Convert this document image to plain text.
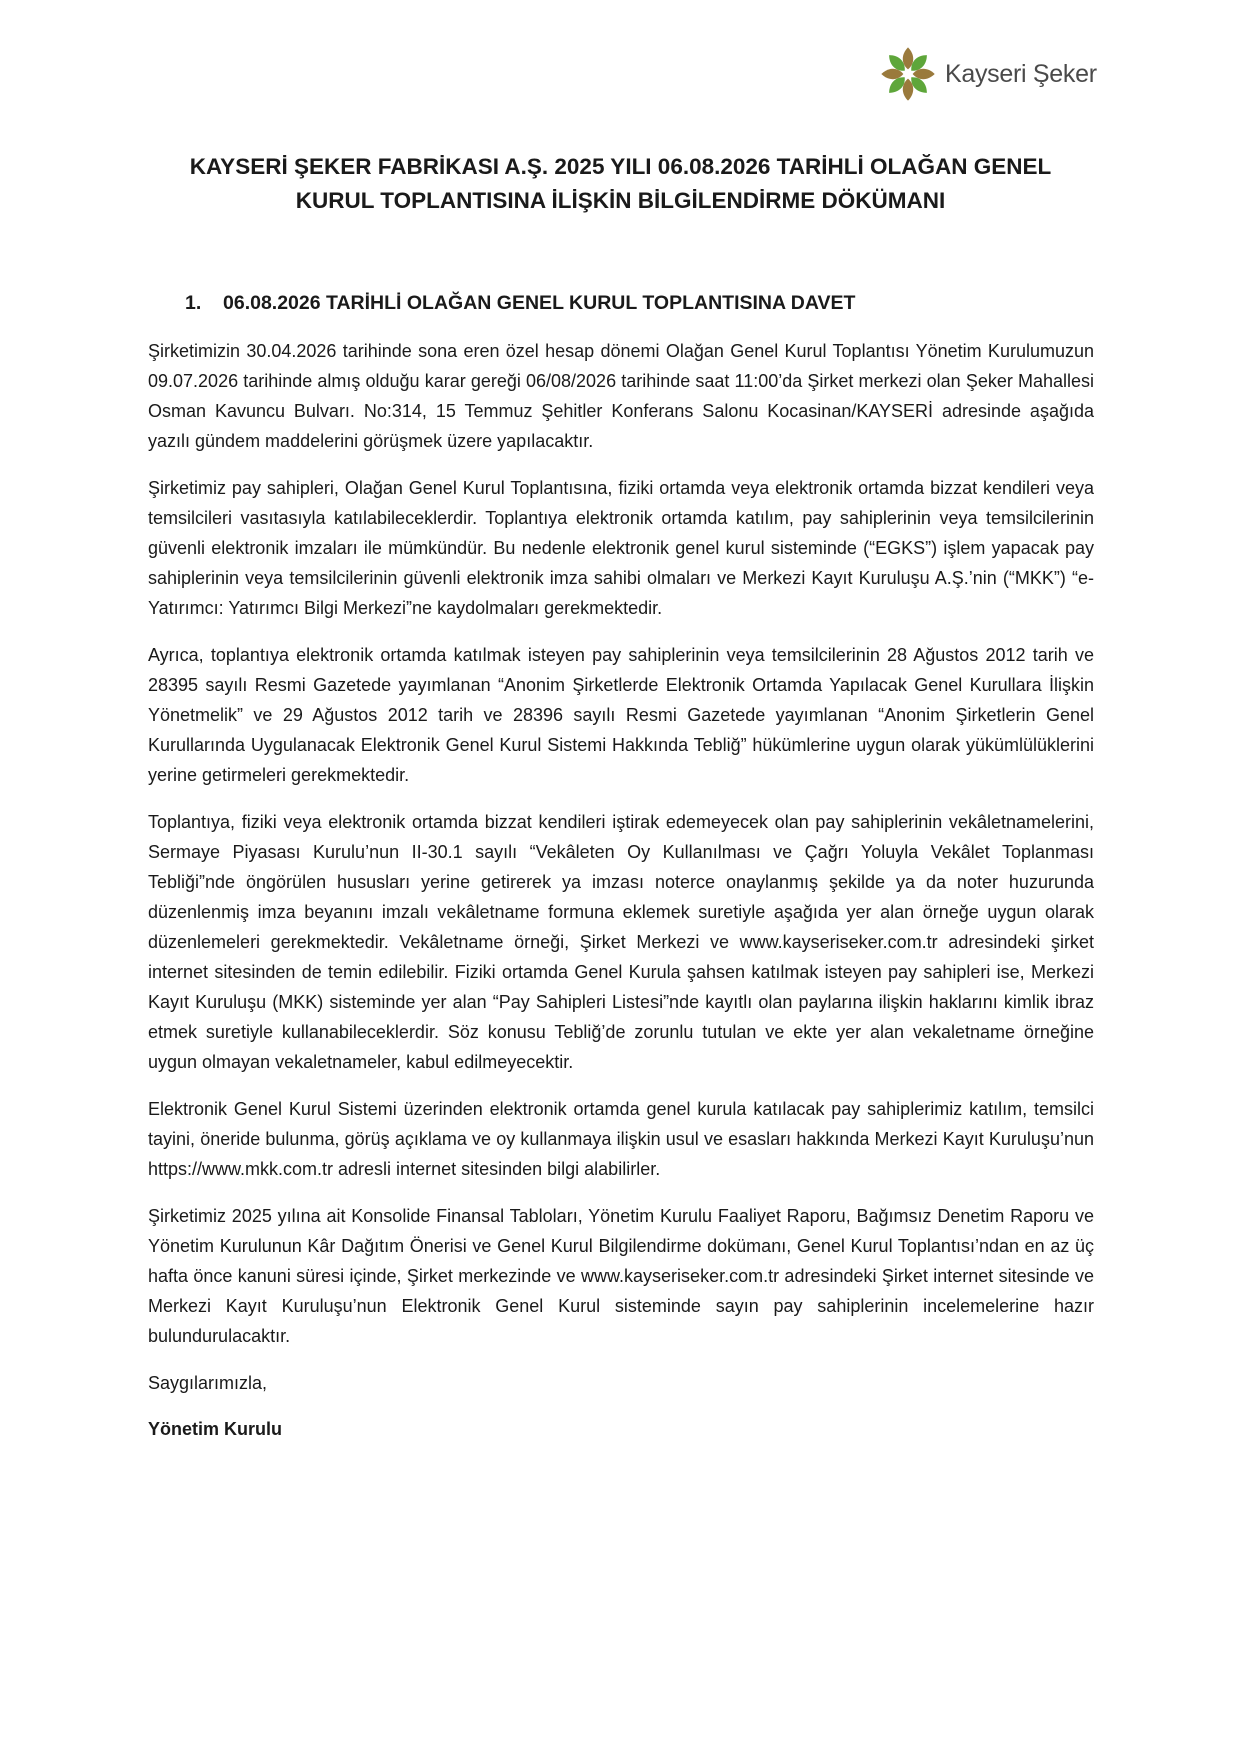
Kayseri Şeker
KAYSERİ ŞEKER FABRİKASI A.Ş. 2025 YILI 06.08.2026 TARİHLİ OLAĞAN GENEL
KURUL TOPLANTISINA İLİŞKİN BİLGİLENDİRME DÖKÜMANI
1. 06.08.2026 TARİHLİ OLAĞAN GENEL KURUL TOPLANTISINA DAVET

Şirketimizin 30.04.2026 tarihinde sona eren özel hesap dönemi Olağan Genel Kurul Toplantısı Yönetim Kurulumuzun 09.07.2026 tarihinde almış olduğu karar gereği 06/08/2026 tarihinde saat 11:00’da Şirket merkezi olan Şeker Mahallesi Osman Kavuncu Bulvarı. No:314, 15 Temmuz Şehitler Konferans Salonu Kocasinan/KAYSERİ adresinde aşağıda yazılı gündem maddelerini görüşmek üzere yapılacaktır.

Şirketimiz pay sahipleri, Olağan Genel Kurul Toplantısına, fiziki ortamda veya elektronik ortamda bizzat kendileri veya temsilcileri vasıtasıyla katılabileceklerdir. Toplantıya elektronik ortamda katılım, pay sahiplerinin veya temsilcilerinin güvenli elektronik imzaları ile mümkündür. Bu nedenle elektronik genel kurul sisteminde (“EGKS”) işlem yapacak pay sahiplerinin veya temsilcilerinin güvenli elektronik imza sahibi olmaları ve Merkezi Kayıt Kuruluşu A.Ş.’nin (“MKK”) “e-Yatırımcı: Yatırımcı Bilgi Merkezi”ne kaydolmaları gerekmektedir.

Ayrıca, toplantıya elektronik ortamda katılmak isteyen pay sahiplerinin veya temsilcilerinin 28 Ağustos 2012 tarih ve 28395 sayılı Resmi Gazetede yayımlanan “Anonim Şirketlerde Elektronik Ortamda Yapılacak Genel Kurullara İlişkin Yönetmelik” ve 29 Ağustos 2012 tarih ve 28396 sayılı Resmi Gazetede yayımlanan “Anonim Şirketlerin Genel Kurullarında Uygulanacak Elektronik Genel Kurul Sistemi Hakkında Tebliğ” hükümlerine uygun olarak yükümlülüklerini yerine getirmeleri gerekmektedir.

Toplantıya, fiziki veya elektronik ortamda bizzat kendileri iştirak edemeyecek olan pay sahiplerinin vekâletnamelerini, Sermaye Piyasası Kurulu’nun II-30.1 sayılı “Vekâleten Oy Kullanılması ve Çağrı Yoluyla Vekâlet Toplanması Tebliği”nde öngörülen hususları yerine getirerek ya imzası noterce onaylanmış şekilde ya da noter huzurunda düzenlenmiş imza beyanını imzalı vekâletname formuna eklemek suretiyle aşağıda yer alan örneğe uygun olarak düzenlemeleri gerekmektedir. Vekâletname örneği, Şirket Merkezi ve www.kayseriseker.com.tr adresindeki şirket internet sitesinden de temin edilebilir. Fiziki ortamda Genel Kurula şahsen katılmak isteyen pay sahipleri ise, Merkezi Kayıt Kuruluşu (MKK) sisteminde yer alan “Pay Sahipleri Listesi”nde kayıtlı olan paylarına ilişkin haklarını kimlik ibraz etmek suretiyle kullanabileceklerdir. Söz konusu Tebliğ’de zorunlu tutulan ve ekte yer alan vekaletname örneğine uygun olmayan vekaletnameler, kabul edilmeyecektir.

Elektronik Genel Kurul Sistemi üzerinden elektronik ortamda genel kurula katılacak pay sahiplerimiz katılım, temsilci tayini, öneride bulunma, görüş açıklama ve oy kullanmaya ilişkin usul ve esasları hakkında Merkezi Kayıt Kuruluşu’nun https://www.mkk.com.tr adresli internet sitesinden bilgi alabilirler.

Şirketimiz 2025 yılına ait Konsolide Finansal Tabloları, Yönetim Kurulu Faaliyet Raporu, Bağımsız Denetim Raporu ve Yönetim Kurulunun Kâr Dağıtım Önerisi ve Genel Kurul Bilgilendirme dokümanı, Genel Kurul Toplantısı’ndan en az üç hafta önce kanuni süresi içinde, Şirket merkezinde ve www.kayseriseker.com.tr adresindeki Şirket internet sitesinde ve Merkezi Kayıt Kuruluşu’nun Elektronik Genel Kurul sisteminde sayın pay sahiplerinin incelemelerine hazır bulundurulacaktır.

Saygılarımızla,

Yönetim Kurulu
